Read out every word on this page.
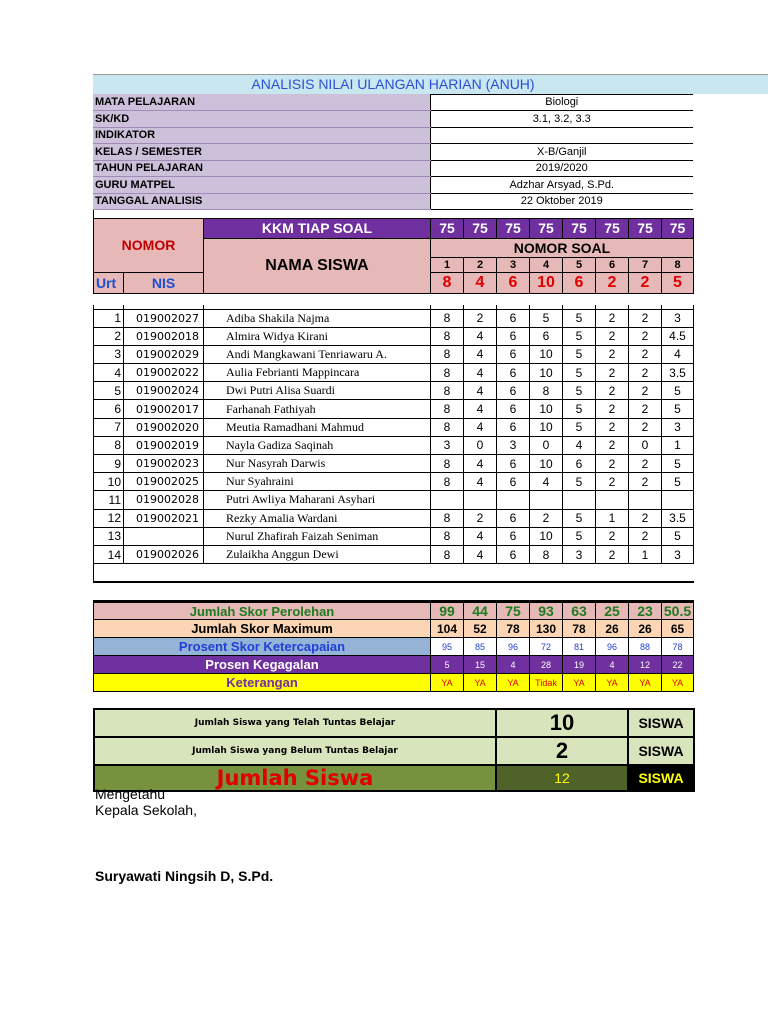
ANALISIS NILAI ULANGAN HARIAN (ANUH)
MATA PELAJARAN	Biologi
SK/KD	3.1, 3.2, 3.3
INDIKATOR	
KELAS / SEMESTER	X-B/Ganjil
TAHUN PELAJARAN	2019/2020
GURU MATPEL	Adzhar Arsyad, S.Pd.
TANGGAL ANALISIS	22 Oktober 2019

NOMOR		KKM TIAP SOAL	75	75	75	75	75	75	75	75
		NAMA SISWA	NOMOR SOAL							
			1	2	3	4	5	6	7	8
Urt	NIS		8	4	6	10	6	2	2	5

1	019002027	Adiba Shakila Najma	8	2	6	5	5	2	2	3
2	019002018	Almira Widya Kirani	8	4	6	6	5	2	2	4.5
3	019002029	Andi Mangkawani Tenriawaru A.	8	4	6	10	5	2	2	4
4	019002022	Aulia Febrianti Mappincara	8	4	6	10	5	2	2	3.5
5	019002024	Dwi Putri Alisa Suardi	8	4	6	8	5	2	2	5
6	019002017	Farhanah Fathiyah	8	4	6	10	5	2	2	5
7	019002020	Meutia Ramadhani Mahmud	8	4	6	10	5	2	2	3
8	019002019	Nayla Gadiza Saqinah	3	0	3	0	4	2	0	1
9	019002023	Nur Nasyrah Darwis	8	4	6	10	6	2	2	5
10	019002025	Nur Syahraini	8	4	6	4	5	2	2	5
11	019002028	Putri Awliya Maharani Asyhari								
12	019002021	Rezky Amalia Wardani	8	2	6	2	5	1	2	3.5
13		Nurul Zhafirah Faizah Seniman	8	4	6	10	5	2	2	5
14	019002026	Zulaikha Anggun Dewi	8	4	6	8	3	2	1	3

Jumlah Skor Perolehan	99	44	75	93	63	25	23	50.5
Jumlah Skor Maximum	104	52	78	130	78	26	26	65
Prosent Skor Ketercapaian	95	85	96	72	81	96	88	78
Prosen Kegagalan	5	15	4	28	19	4	12	22
Keterangan	YA	YA	YA	Tidak	YA	YA	YA	YA
Jumlah Siswa yang Telah Tuntas Belajar	10	SISWA
Jumlah Siswa yang Belum Tuntas Belajar	2	SISWA
Jumlah Siswa	12	SISWA
Mengetahu
Kepala Sekolah,
Suryawati Ningsih D, S.Pd.
